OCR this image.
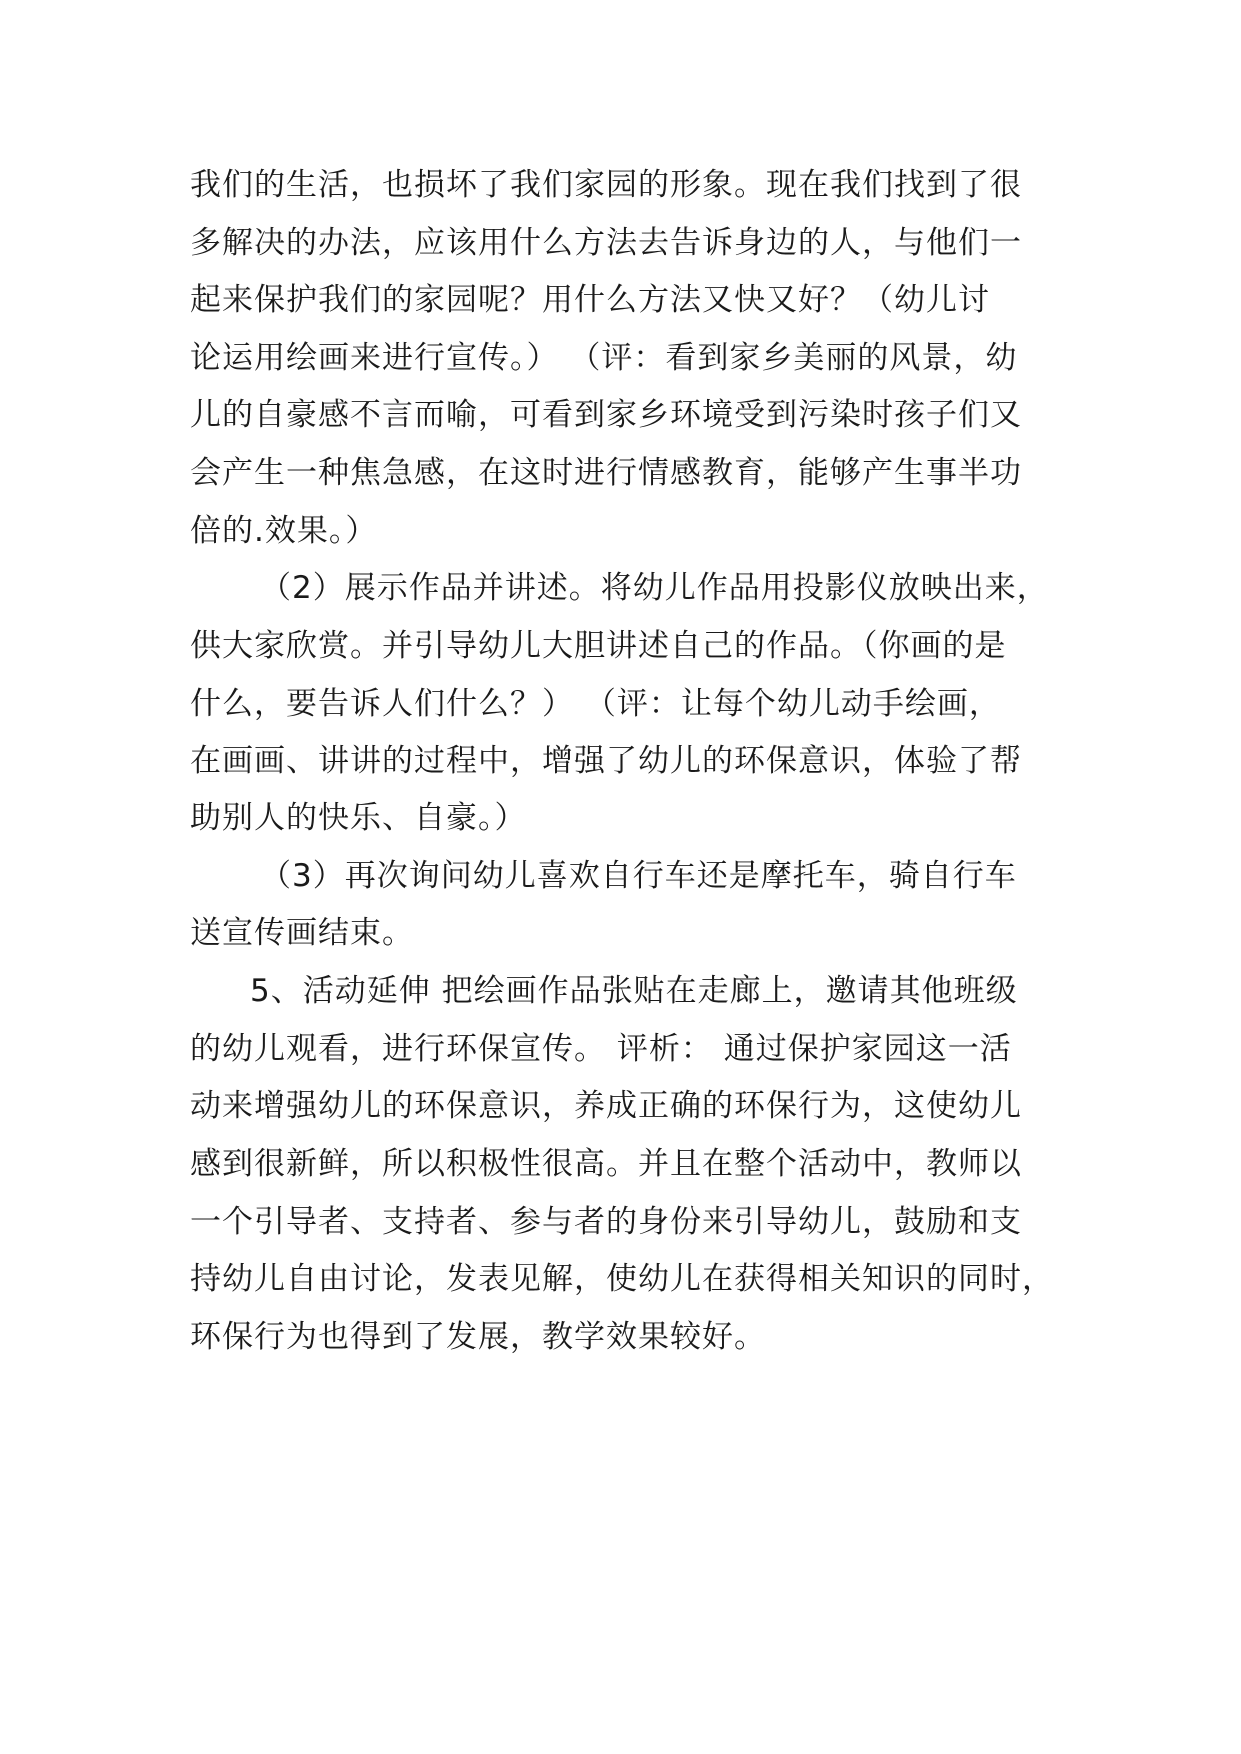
我们的生活，也损坏了我们家园的形象。现在我们找到了很
多解决的办法，应该用什么方法去告诉身边的人，与他们一
起来保护我们的家园呢？用什么方法又快又好？（幼儿讨
论运用绘画来进行宣传。） （评：看到家乡美丽的风景，幼
儿的自豪感不言而喻，可看到家乡环境受到污染时孩子们又
会产生一种焦急感，在这时进行情感教育，能够产生事半功
倍的.效果。）
（2）展示作品并讲述。将幼儿作品用投影仪放映出来，
供大家欣赏。并引导幼儿大胆讲述自己的作品。（你画的是
什么，要告诉人们什么？） （评：让每个幼儿动手绘画，
在画画、讲讲的过程中，增强了幼儿的环保意识，体验了帮
助别人的快乐、自豪。）
（3）再次询问幼儿喜欢自行车还是摩托车，骑自行车
送宣传画结束。
5、活动延伸 把绘画作品张贴在走廊上，邀请其他班级
的幼儿观看，进行环保宣传。 评析： 通过保护家园这一活
动来增强幼儿的环保意识，养成正确的环保行为，这使幼儿
感到很新鲜，所以积极性很高。并且在整个活动中，教师以
一个引导者、支持者、参与者的身份来引导幼儿，鼓励和支
持幼儿自由讨论，发表见解，使幼儿在获得相关知识的同时，
环保行为也得到了发展，教学效果较好。
